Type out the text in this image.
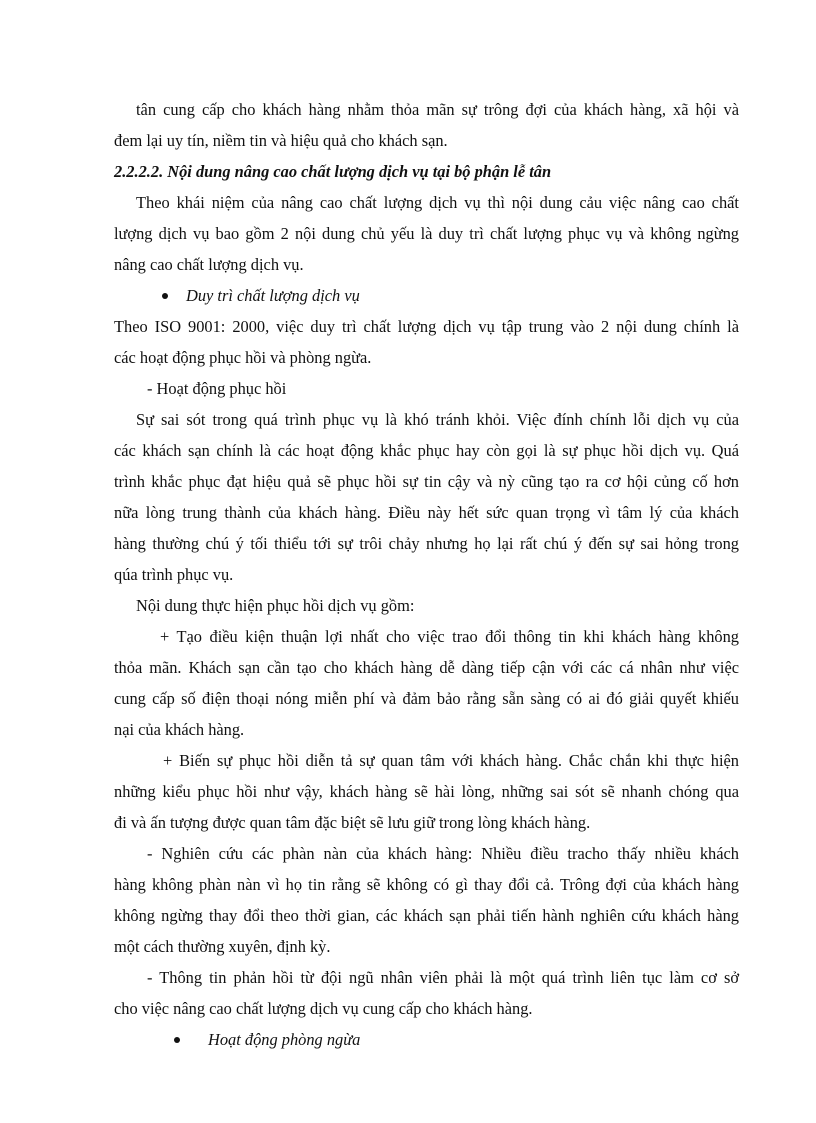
tân cung cấp cho khách hàng nhằm thỏa mãn sự trông đợi của khách hàng, xã hội và
đem lại uy tín, niềm tin và hiệu quả cho khách sạn.
2.2.2.2. Nội dung nâng cao chất lượng dịch vụ tại bộ phận lễ tân
Theo khái niệm của nâng cao chất lượng dịch vụ thì nội dung cảu việc nâng cao chất
lượng dịch vụ bao gồm 2 nội dung chủ yếu là duy trì chất lượng phục vụ và không ngừng
nâng cao chất lượng dịch vụ.
Duy trì chất lượng dịch vụ
Theo ISO 9001: 2000, việc duy trì chất lượng dịch vụ tập trung vào 2 nội dung chính là
các hoạt động phục hồi và phòng ngừa.
- Hoạt động phục hồi
Sự sai sót trong quá trình phục vụ là khó tránh khỏi. Việc đính chính lỗi dịch vụ của
các khách sạn chính là các hoạt động khắc phục hay còn gọi là sự phục hồi dịch vụ. Quá
trình khắc phục đạt hiệu quả sẽ phục hồi sự tin cậy và nỳ cũng tạo ra cơ hội củng cố hơn
nữa lòng trung thành của khách hàng. Điều này hết sức quan trọng vì tâm lý của khách
hàng thường chú ý tối thiểu tới sự trôi chảy nhưng họ lại rất chú ý đến sự sai hỏng trong
qúa trình phục vụ.
Nội dung thực hiện phục hồi dịch vụ gồm:
+ Tạo điều kiện thuận lợi nhất cho việc trao đổi thông tin khi khách hàng không
thỏa mãn. Khách sạn cần tạo cho khách hàng dễ dàng tiếp cận với các cá nhân như việc
cung cấp số điện thoại nóng miễn phí và đảm bảo rằng sẵn sàng có ai đó giải quyết khiếu
nại của khách hàng.
+ Biến sự phục hồi diễn tả sự quan tâm với khách hàng. Chắc chắn khi thực hiện
những kiểu phục hồi như vậy, khách hàng sẽ hài lòng, những sai sót sẽ nhanh chóng qua
đi và ấn tượng được quan tâm đặc biệt sẽ lưu giữ trong lòng khách hàng.
- Nghiên cứu các phàn nàn của khách hàng: Nhiều điều tracho thấy nhiều khách
hàng không phàn nàn vì họ tin rằng sẽ không có gì thay đổi cả. Trông đợi của khách hàng
không ngừng thay đổi theo thời gian, các khách sạn phải tiến hành nghiên cứu khách hàng
một cách thường xuyên, định kỳ.
- Thông tin phản hồi từ đội ngũ nhân viên phải là một quá trình liên tục làm cơ sở
cho việc nâng cao chất lượng dịch vụ cung cấp cho khách hàng.
Hoạt động phòng ngừa
